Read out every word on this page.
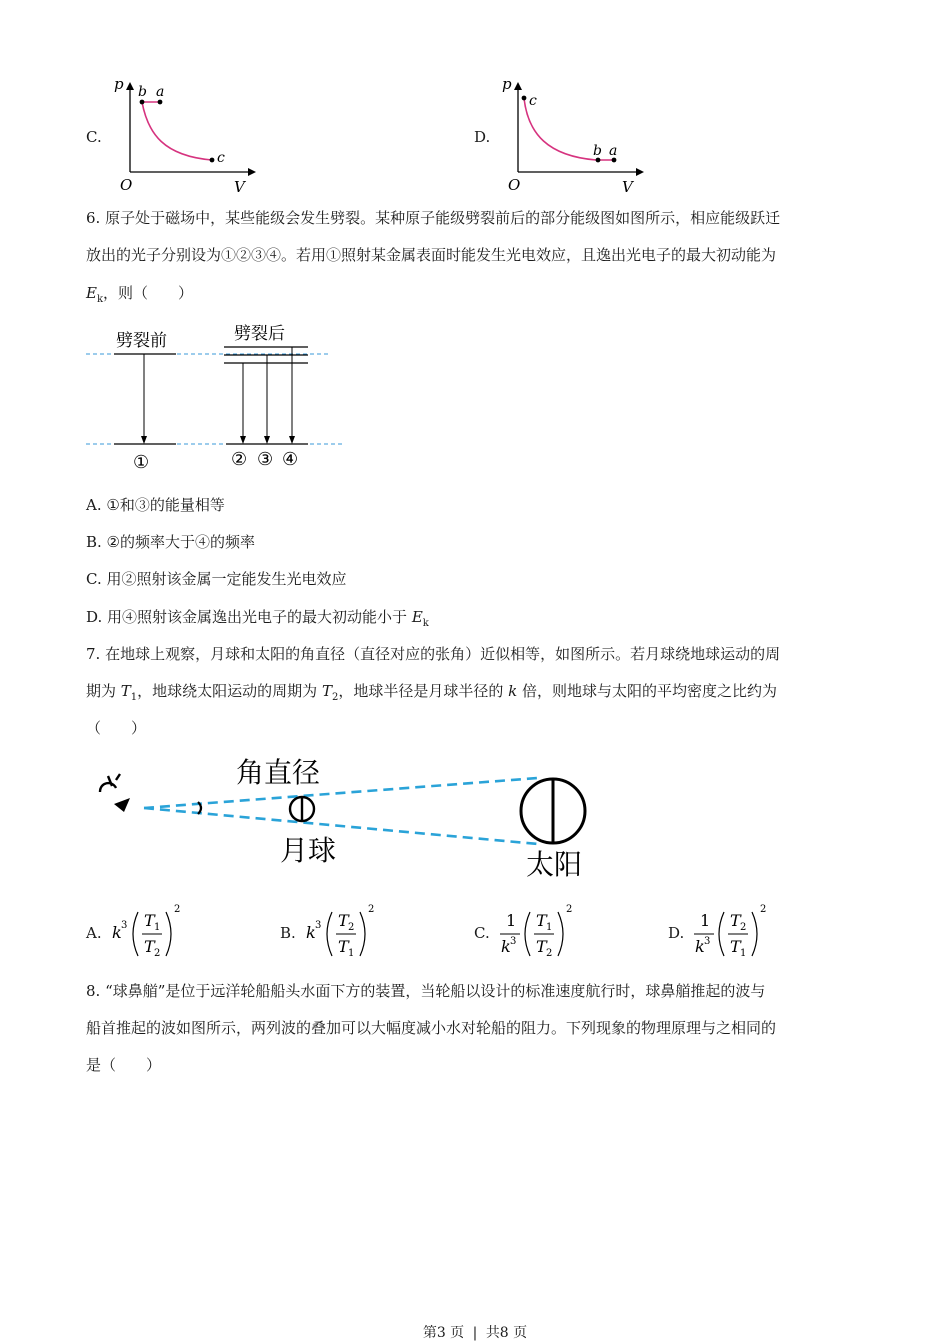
C.
p
V
O
b a
c
D.
p
V
O
c
b a
6. 原子处于磁场中，某些能级会发生劈裂。某种原子能级劈裂前后的部分能级图如图所示，相应能级跃迁
放出的光子分别设为①②③④。若用①照射某金属表面时能发生光电效应，且逸出光电子的最大初动能为
$E_k$，则（　　）
劈裂前	劈裂后
①	② ③ ④
A. ①和③的能量相等
B. ②的频率大于④的频率
C. 用②照射该金属一定能发生光电效应
D. 用④照射该金属逸出光电子的最大初动能小于 $E_k$
7. 在地球上观察，月球和太阳的角直径（直径对应的张角）近似相等，如图所示。若月球绕地球运动的周
期为 $T_1$，地球绕太阳运动的周期为 $T_2$，地球半径是月球半径的 k 倍，则地球与太阳的平均密度之比约为
（　　）
角直径
月球	太阳
A. k 3 T 1
T 2
2
B. k 3 T 2
T 1
2
C.
1
k 3
T 1
T 2
2
D.
1
k 3
T 2
T 1
2
8. “球鼻艏”是位于远洋轮船船头水面下方的装置，当轮船以设计的标准速度航行时，球鼻艏推起的波与
船首推起的波如图所示，两列波的叠加可以大幅度减小水对轮船的阻力。下列现象的物理原理与之相同的
是（　　）
第3 页 | 共8 页
